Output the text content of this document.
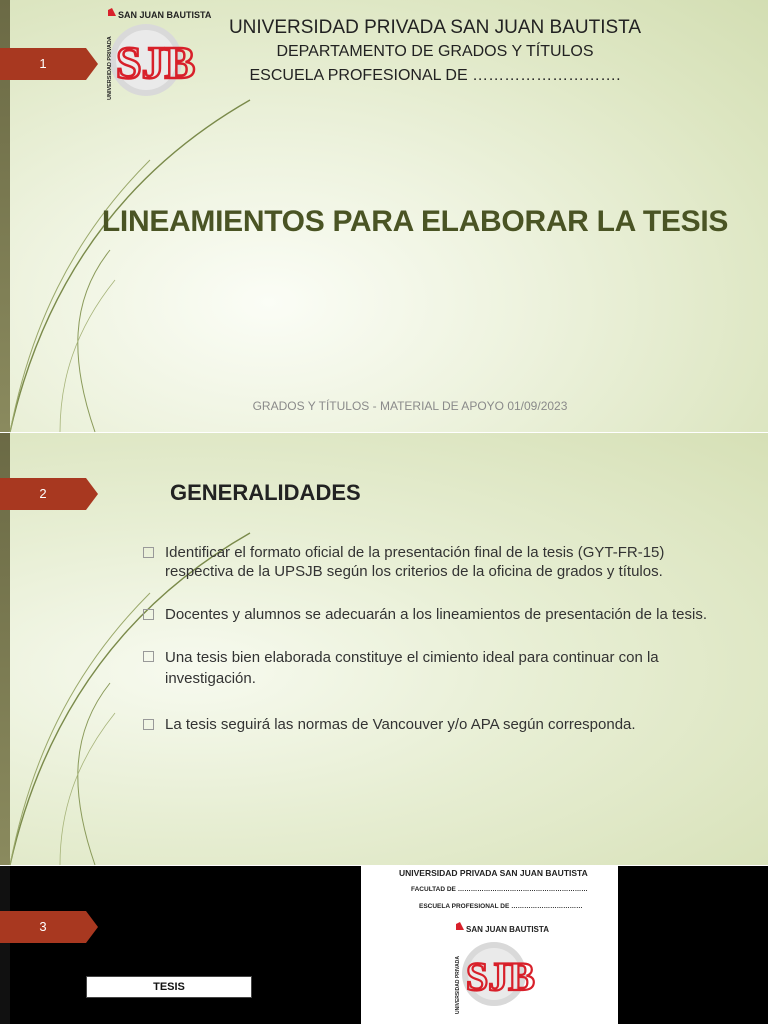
1
SAN JUAN BAUTISTA
UNIVERSIDAD PRIVADA SJB
UNIVERSIDAD PRIVADA SAN JUAN BAUTISTA
DEPARTAMENTO DE GRADOS Y TÍTULOS
ESCUELA PROFESIONAL DE ……………………….
LINEAMIENTOS PARA ELABORAR LA TESIS
GRADOS Y TÍTULOS - MATERIAL DE APOYO 01/09/2023
2	GENERALIDADES
Identificar el formato oficial de la presentación final de la tesis (GYT-FR-15) respectiva de la UPSJB según los criterios de la oficina de grados y títulos.
Docentes y alumnos se adecuarán a los lineamientos de presentación de la tesis.
Una tesis bien elaborada constituye el cimiento ideal para continuar con la investigación.
La tesis seguirá las normas de Vancouver y/o APA según corresponda.
3
TESIS
UNIVERSIDAD PRIVADA SAN JUAN BAUTISTA
FACULTAD DE ……………………………………………………
ESCUELA PROFESIONAL DE ……………………………
SAN JUAN BAUTISTA
UNIVERSIDAD PRIVADA SJB
